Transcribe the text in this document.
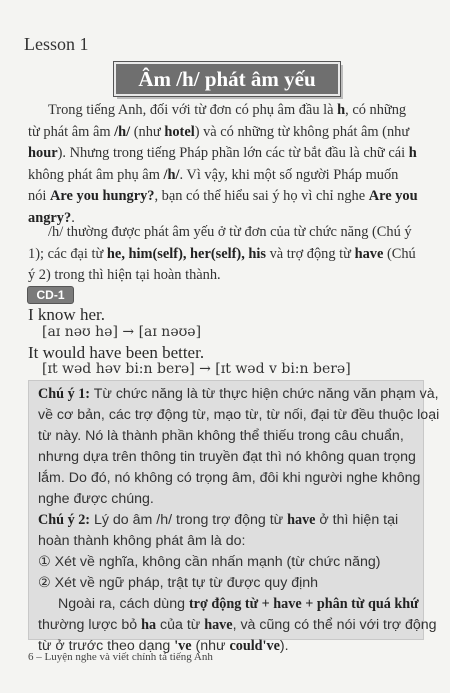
Lesson 1
Âm /h/ phát âm yếu
Trong tiếng Anh, đối với từ đơn có phụ âm đầu là h, có những
từ phát âm âm /h/ (như hotel) và có những từ không phát âm (như
hour). Nhưng trong tiếng Pháp phần lớn các từ bắt đầu là chữ cái h
không phát âm phụ âm /h/. Vì vậy, khi một số người Pháp muốn
nói Are you hungry?, bạn có thể hiểu sai ý họ vì chỉ nghe Are you
angry?.
/h/ thường được phát âm yếu ở từ đơn của từ chức năng (Chú ý
1); các đại từ he, him(self), her(self), his và trợ động từ have (Chú
ý 2) trong thì hiện tại hoàn thành.
CD-1
I know her.
[aɪ nəʊ hə] → [aɪ nəʊə]
It would have been better.
[ɪt wəd həv bi:n berə] → [ɪt wəd v bi:n berə]
Chú ý 1: Từ chức năng là từ thực hiện chức năng văn phạm và,
về cơ bản, các trợ động từ, mạo từ, từ nối, đại từ đều thuộc loại
từ này. Nó là thành phần không thể thiếu trong câu chuẩn,
nhưng dựa trên thông tin truyền đạt thì nó không quan trọng
lắm. Do đó, nó không có trọng âm, đôi khi người nghe không
nghe được chúng.
Chú ý 2: Lý do âm /h/ trong trợ động từ have ở thì hiện tại
hoàn thành không phát âm là do:
① Xét về nghĩa, không cần nhấn mạnh (từ chức năng)
② Xét về ngữ pháp, trật tự từ được quy định
Ngoài ra, cách dùng trợ động từ + have + phân từ quá khứ
thường lược bỏ ha của từ have, và cũng có thể nói với trợ động
từ ở trước theo dạng 've (như could've).
6 – Luyện nghe và viết chính tả tiếng Anh
